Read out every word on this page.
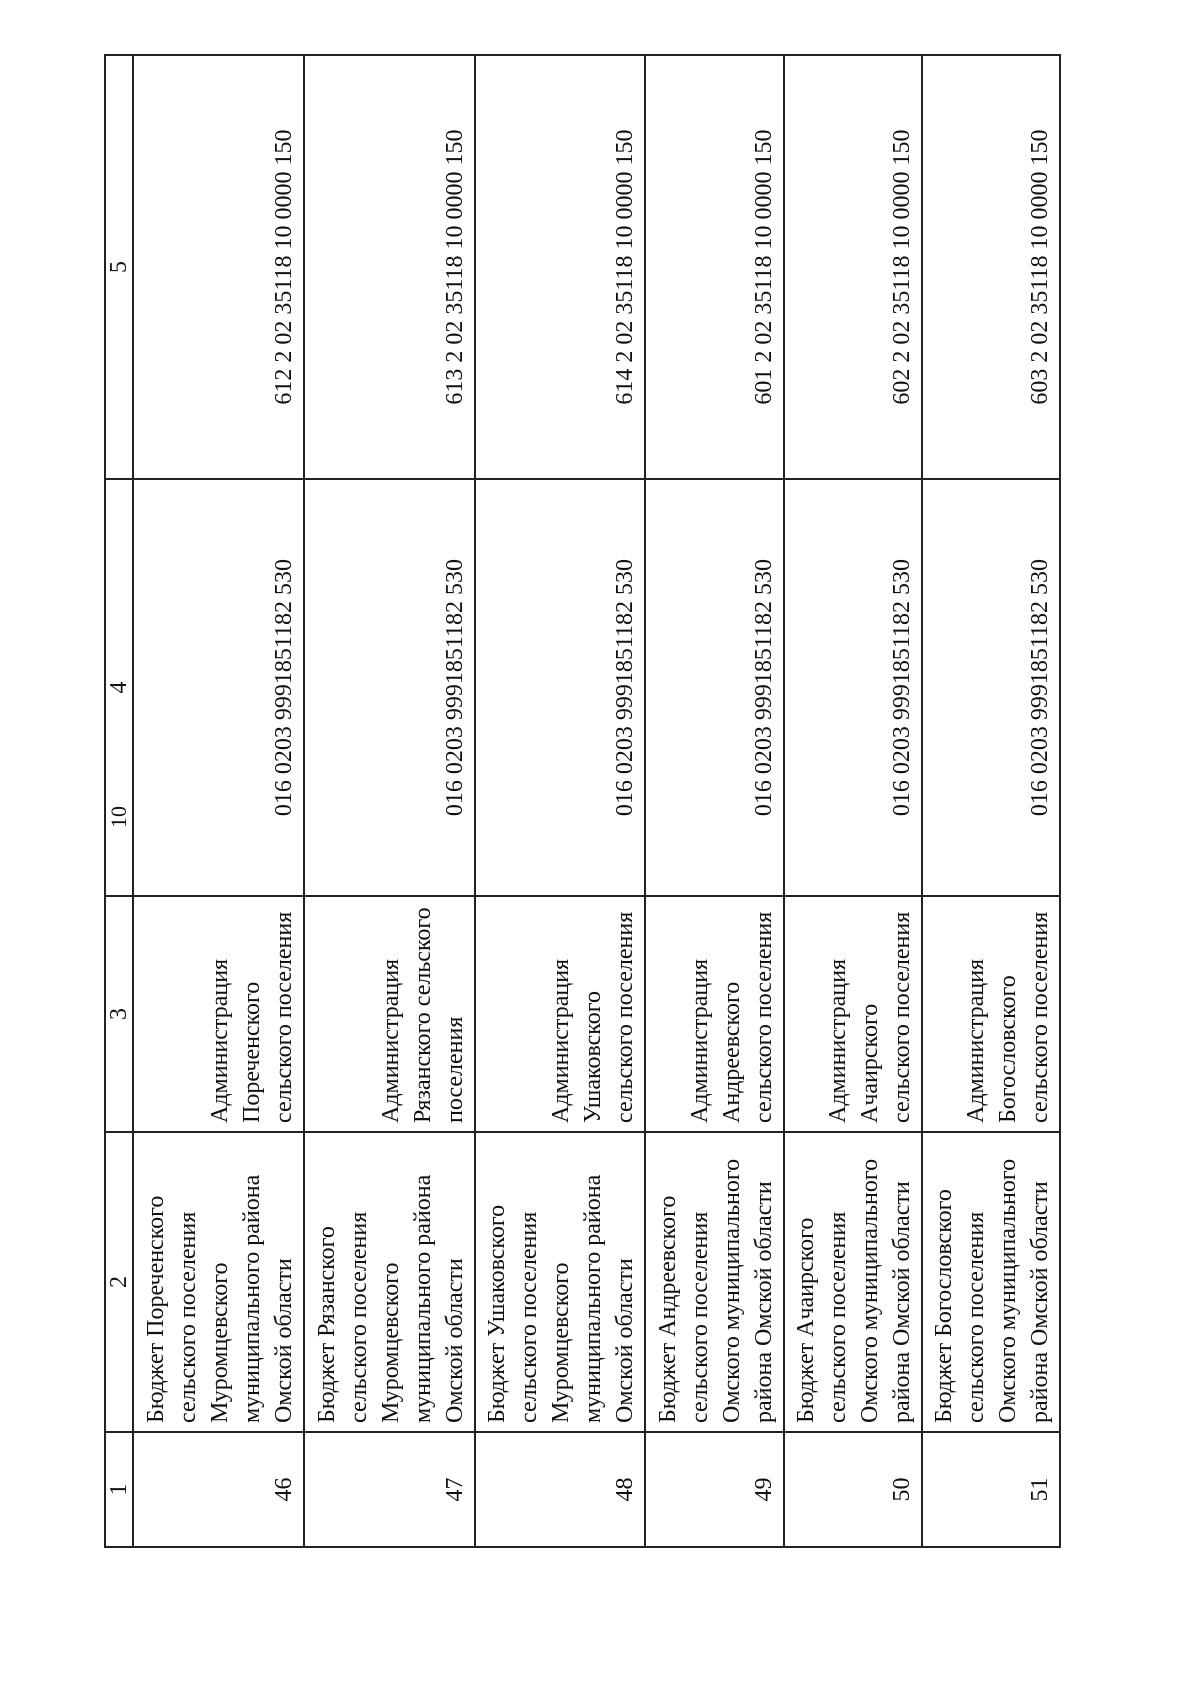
10
1	2	3	4	5
46	Бюджет Пореченского сельского поселения Муромцевского муниципального района Омской области	Администрация Пореченского сельского поселения	016 0203 9991851182 530	612 2 02 35118 10 0000 150
47	Бюджет Рязанского сельского поселения Муромцевского муниципального района Омской области	Администрация Рязанского сельского поселения	016 0203 9991851182 530	613 2 02 35118 10 0000 150
48	Бюджет Ушаковского сельского поселения Муромцевского муниципального района Омской области	Администрация Ушаковского сельского поселения	016 0203 9991851182 530	614 2 02 35118 10 0000 150
49	Бюджет Андреевского сельского поселения Омского муниципального района Омской области	Администрация Андреевского сельского поселения	016 0203 9991851182 530	601 2 02 35118 10 0000 150
50	Бюджет Ачаирского сельского поселения Омского муниципального района Омской области	Администрация Ачаирского сельского поселения	016 0203 9991851182 530	602 2 02 35118 10 0000 150
51	Бюджет Богословского сельского поселения Омского муниципального района Омской области	Администрация Богословского сельского поселения	016 0203 9991851182 530	603 2 02 35118 10 0000 150
